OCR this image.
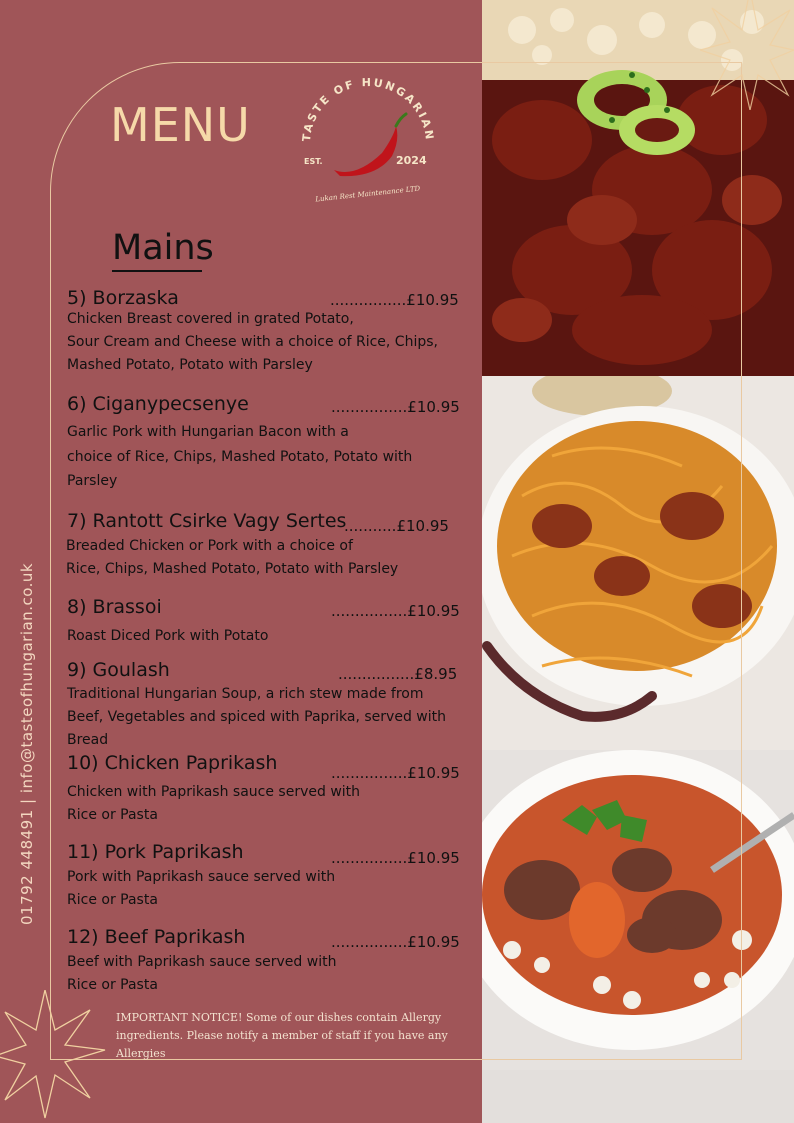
MENU	TASTE OF HUNGARIAN
EST.	2024
Lukan Rest Maintenance LTD
Mains
5) Borzaska	................£10.95
Chicken Breast covered in grated Potato,
Sour Cream and Cheese with a choice of Rice, Chips,
Mashed Potato, Potato with Parsley
6) Ciganypecsenye	................£10.95
Garlic Pork with Hungarian Bacon with a
choice of Rice, Chips, Mashed Potato, Potato with
Parsley
7) Rantott Csirke Vagy Sertes
...........£10.95
Breaded Chicken or Pork with a choice of
Rice, Chips, Mashed Potato, Potato with Parsley
8) Brassoi	................£10.95
Roast Diced Pork with Potato
9) Goulash	................£8.95
Traditional Hungarian Soup, a rich stew made from
Beef, Vegetables and spiced with Paprika, served with
Bread
10) Chicken Paprikash	................£10.95
Chicken with Paprikash sauce served with
Rice or Pasta
11) Pork Paprikash	................£10.95
Pork with Paprikash sauce served with
Rice or Pasta
12) Beef Paprikash	................£10.95
Beef with Paprikash sauce served with
Rice or Pasta
IMPORTANT NOTICE! Some of our dishes contain Allergy ingredients. Please notify a member of staff if you have any Allergies
01792 448491 | info@tasteofhungarian.co.uk
